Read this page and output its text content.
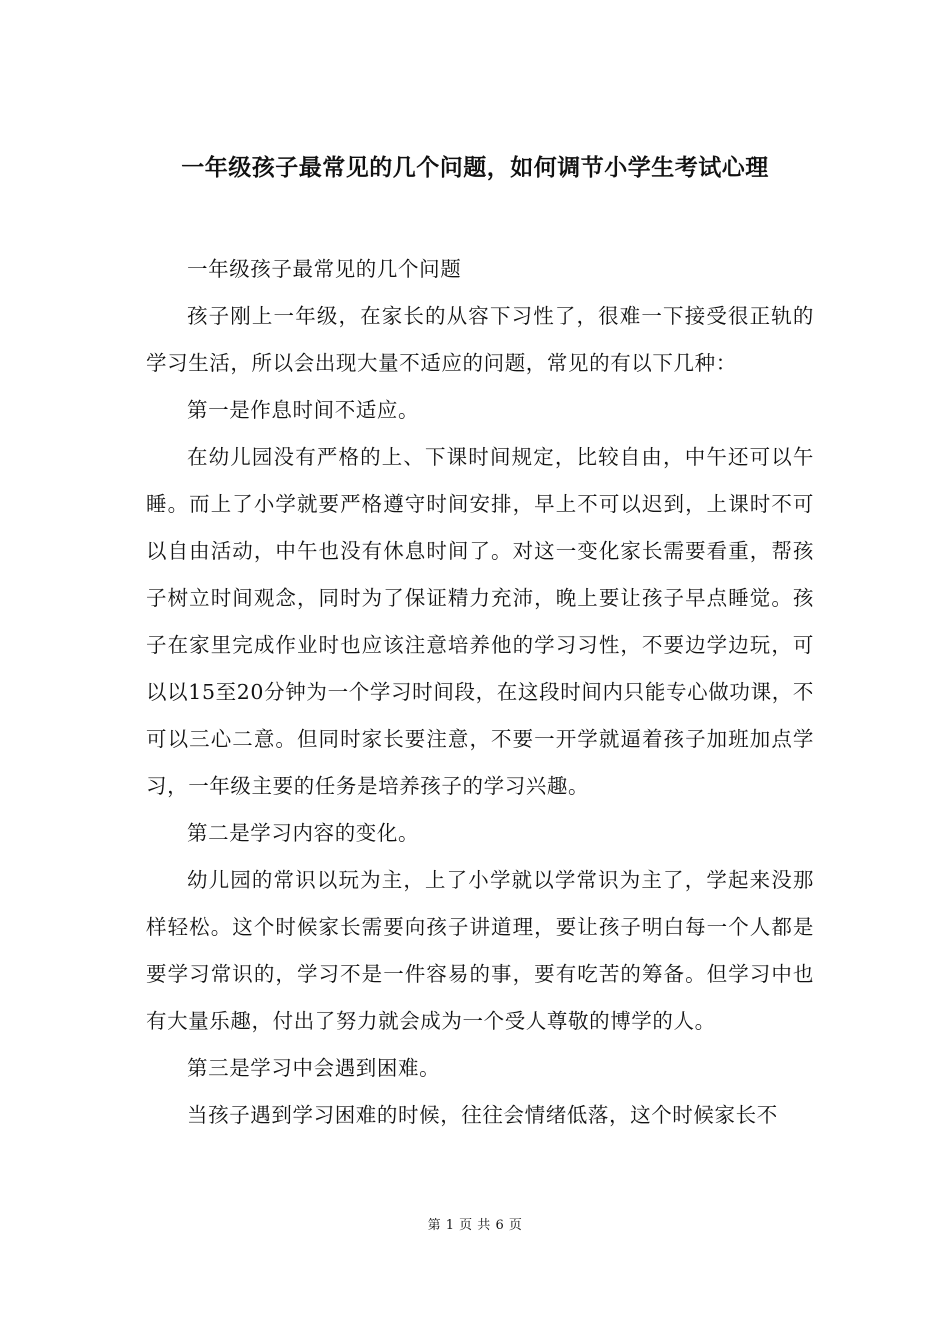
一年级孩子最常见的几个问题，如何调节小学生考试心理

一年级孩子最常见的几个问题

孩子刚上一年级，在家长的从容下习性了，很难一下接受很正轨的学习生活，所以会出现大量不适应的问题，常见的有以下几种：

第一是作息时间不适应。

在幼儿园没有严格的上、下课时间规定，比较自由，中午还可以午睡。而上了小学就要严格遵守时间安排，早上不可以迟到，上课时不可以自由活动，中午也没有休息时间了。对这一变化家长需要看重，帮孩子树立时间观念，同时为了保证精力充沛，晚上要让孩子早点睡觉。孩子在家里完成作业时也应该注意培养他的学习习性，不要边学边玩，可以以15至20分钟为一个学习时间段，在这段时间内只能专心做功课，不可以三心二意。但同时家长要注意，不要一开学就逼着孩子加班加点学习，一年级主要的任务是培养孩子的学习兴趣。

第二是学习内容的变化。

幼儿园的常识以玩为主，上了小学就以学常识为主了，学起来没那样轻松。这个时候家长需要向孩子讲道理，要让孩子明白每一个人都是要学习常识的，学习不是一件容易的事，要有吃苦的筹备。但学习中也有大量乐趣，付出了努力就会成为一个受人尊敬的博学的人。

第三是学习中会遇到困难。

当孩子遇到学习困难的时候，往往会情绪低落，这个时候家长不

第 1 页 共 6 页
